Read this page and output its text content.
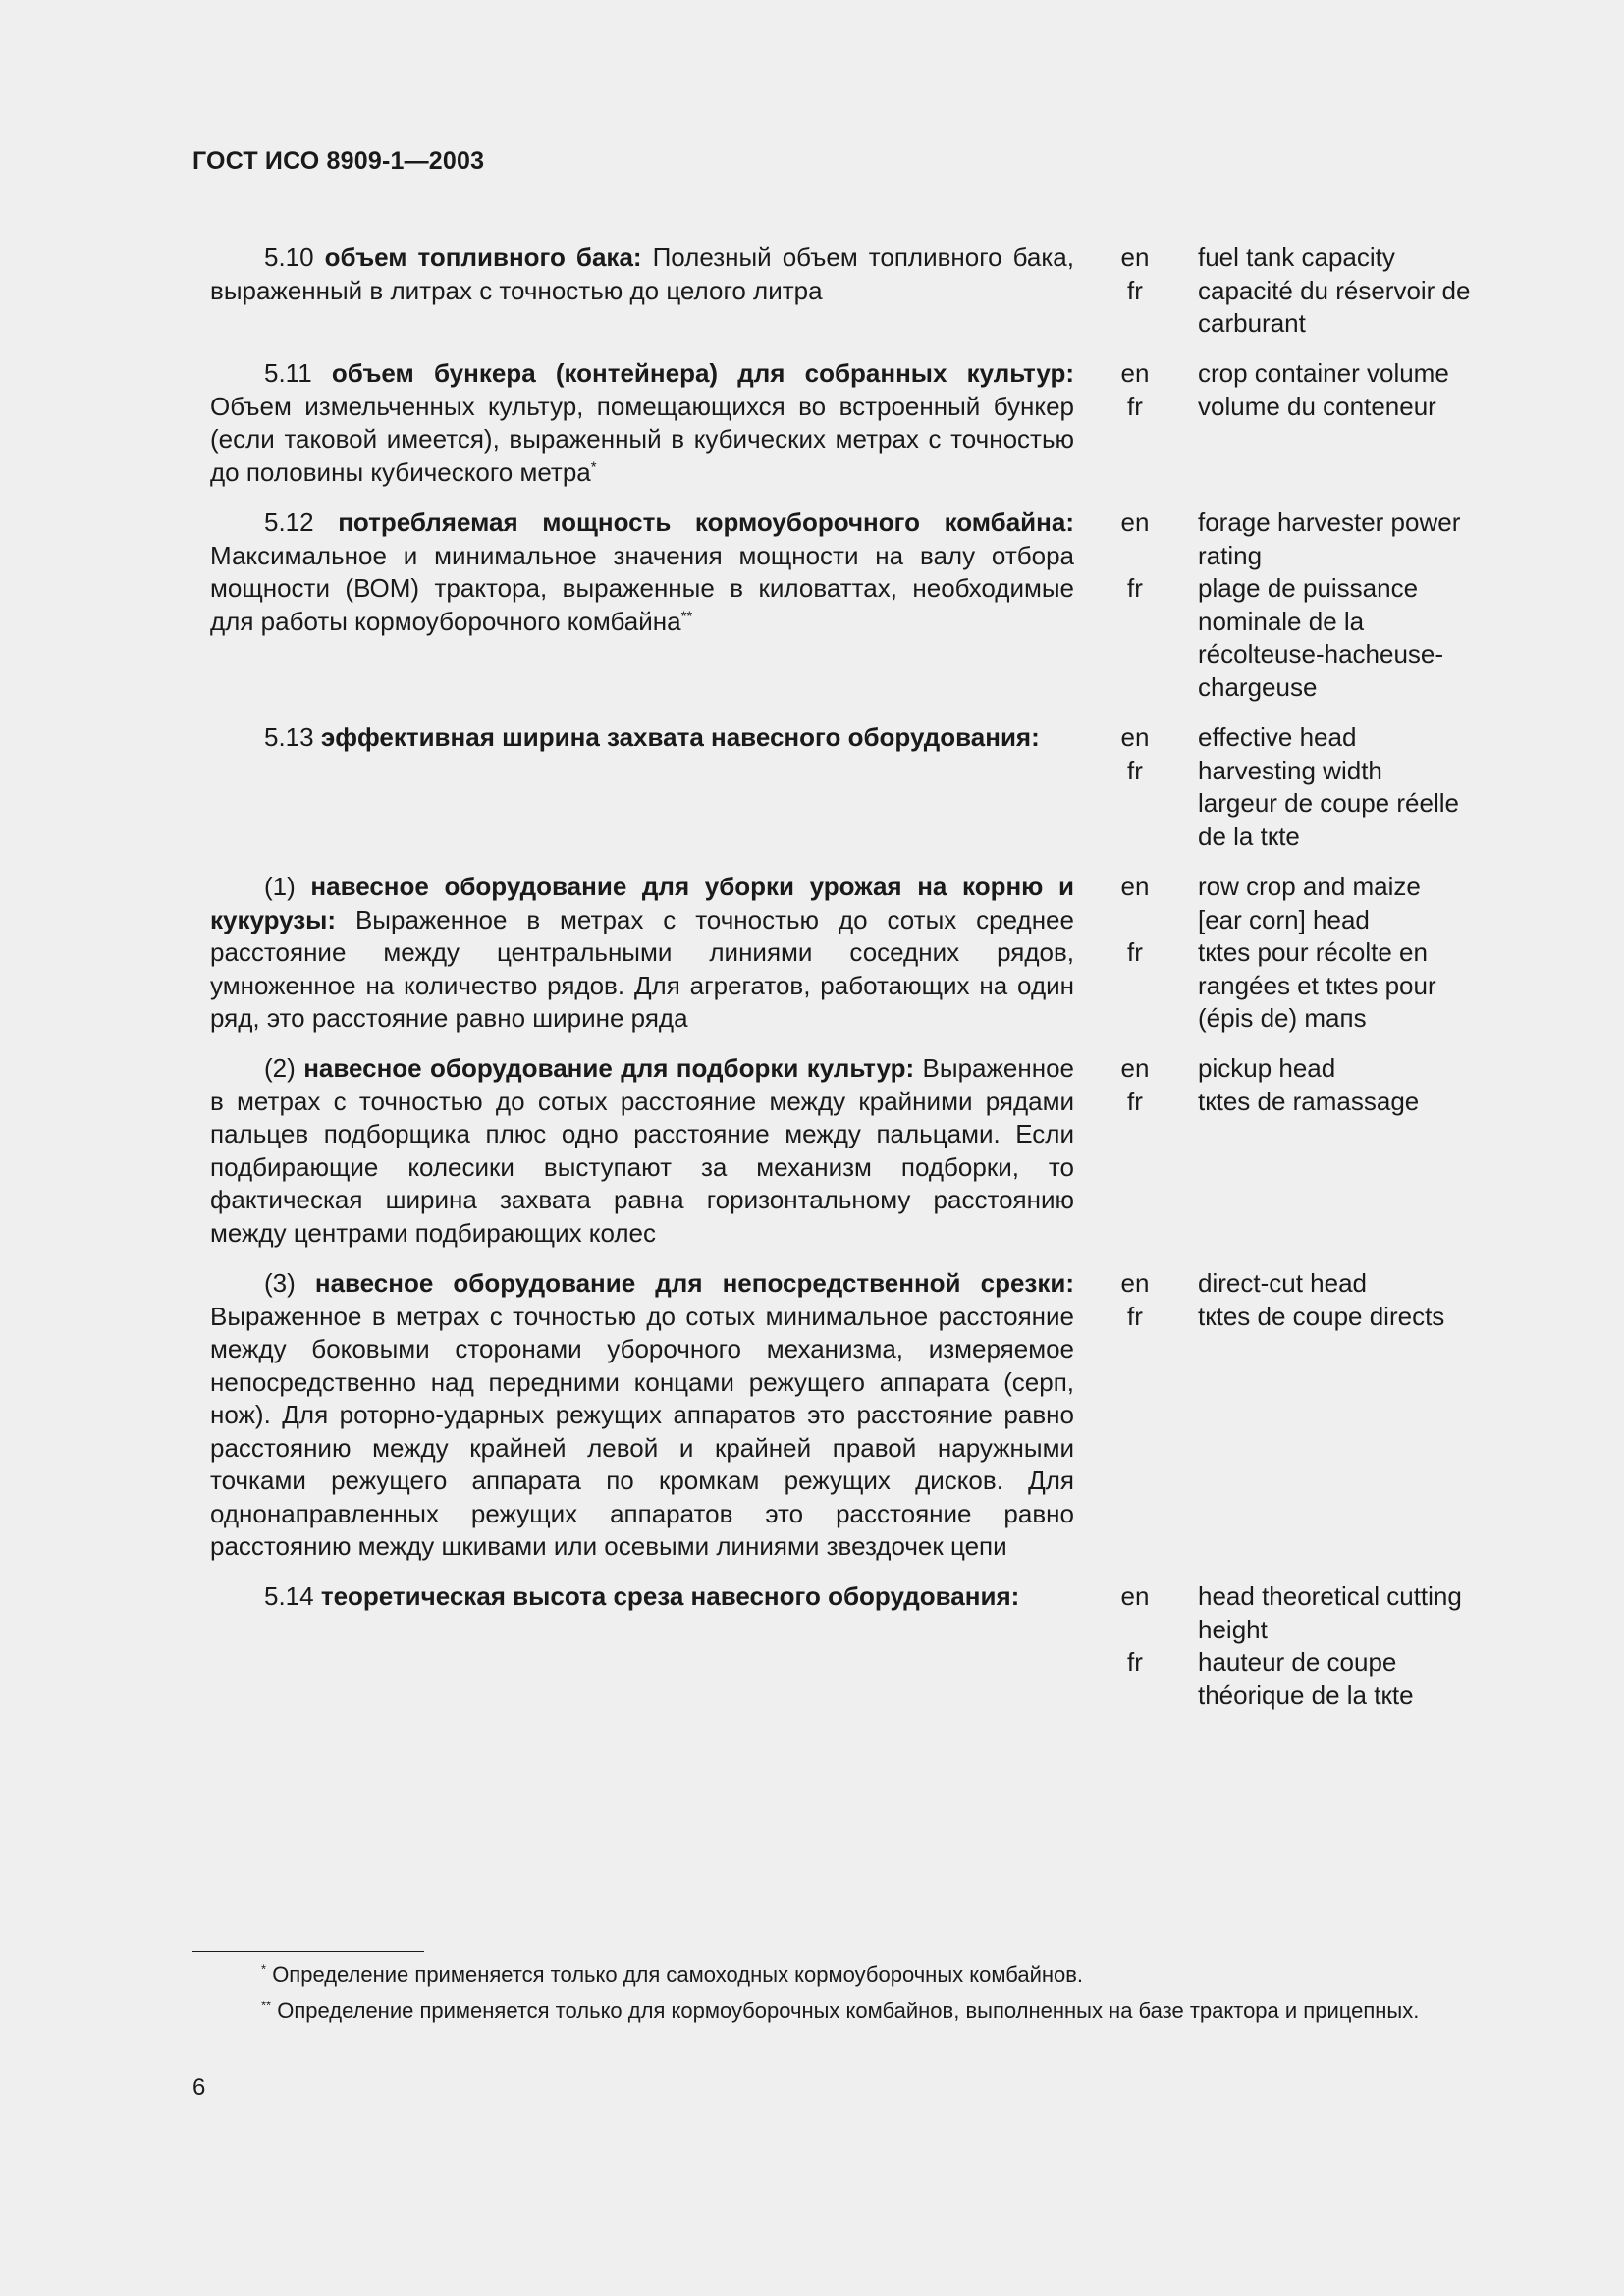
ГОСТ ИСО 8909-1—2003

5.10 объем топливного бака: Полезный объем топливного бака, выраженный в литрах с точностью до целого литра

en
fr
fuel tank capacity
capacité du réservoir de
carburant

5.11 объем бункера (контейнера) для собранных культур: Объем измельченных культур, помещающихся во встроенный бункер (если таковой имеется), выраженный в кубических метрах с точностью до половины кубического метра*

en
fr
crop container volume
volume du conteneur

5.12 потребляемая мощность кормоуборочного комбайна: Максимальное и минимальное значения мощности на валу отбора мощности (ВОМ) трактора, выраженные в киловаттах, необходимые для работы кормоуборочного комбайна**

en
fr
forage harvester power
rating
plage de puissance
nominale de la
récolteuse-hacheuse-
chargeuse

5.13 эффективная ширина захвата навесного оборудования:	en
fr
effective head
harvesting width
largeur de coupe réelle
de la tкte

(1) навесное оборудование для уборки урожая на корню и кукурузы: Выраженное в метрах с точностью до сотых среднее расстояние между центральными линиями соседних рядов, умноженное на количество рядов. Для агрегатов, работающих на один ряд, это расстояние равно ширине ряда

en
fr
row crop and maize
[ear corn] head
tкtes pour récolte en
rangées et tкtes pour
(épis de) maпs

(2) навесное оборудование для подборки культур: Выраженное в метрах с точностью до сотых расстояние между крайними рядами пальцев подборщика плюс одно расстояние между пальцами. Если подбирающие колесики выступают за механизм подборки, то фактическая ширина захвата равна горизонтальному расстоянию между центрами подбирающих колес

en
fr
pickup head
tкtes de ramassage

(3) навесное оборудование для непосредственной срезки: Выраженное в метрах с точностью до сотых минимальное расстояние между боковыми сторонами уборочного механизма, измеряемое непосредственно над передними концами режущего аппарата (серп, нож). Для роторно-ударных режущих аппаратов это расстояние равно расстоянию между крайней левой и крайней правой наружными точками режущего аппарата по кромкам режущих дисков. Для однонаправленных режущих аппаратов это расстояние равно расстоянию между шкивами или осевыми линиями звездочек цепи

en
fr
direct-cut head
tкtes de coupe directs

5.14 теоретическая высота среза навесного оборудования:	en
fr
head theoretical cutting
height
hauteur de coupe
théorique de la tкte

* Определение применяется только для самоходных кормоуборочных комбайнов.

** Определение применяется только для кормоуборочных комбайнов, выполненных на базе трактора и прицепных.

6
